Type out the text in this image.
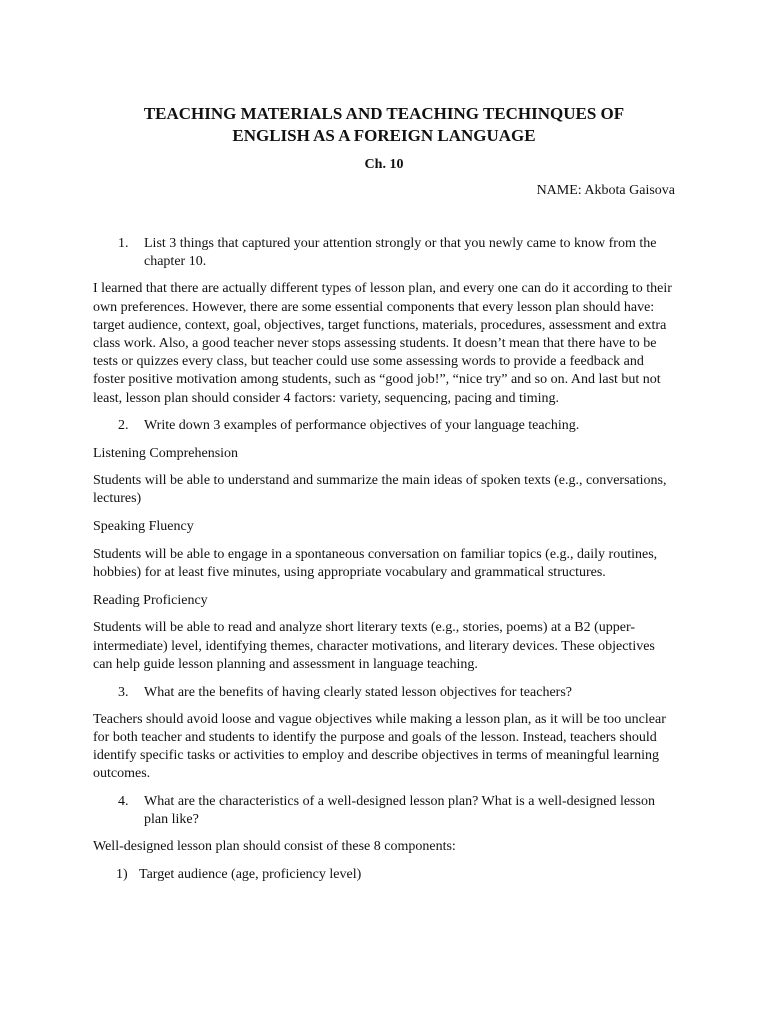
TEACHING MATERIALS AND TEACHING TECHINQUES OF
ENGLISH AS A FOREIGN LANGUAGE
Ch. 10
NAME: Akbota Gaisova
1. List 3 things that captured your attention strongly or that you newly came to know from the chapter 10.

I learned that there are actually different types of lesson plan, and every one can do it according to their own preferences. However, there are some essential components that every lesson plan should have: target audience, context, goal, objectives, target functions, materials, procedures, assessment and extra class work. Also, a good teacher never stops assessing students. It doesn’t mean that there have to be tests or quizzes every class, but teacher could use some assessing words to provide a feedback and foster positive motivation among students, such as “good job!”, “nice try” and so on. And last but not least, lesson plan should consider 4 factors: variety, sequencing, pacing and timing.

2. Write down 3 examples of performance objectives of your language teaching.

Listening Comprehension

Students will be able to understand and summarize the main ideas of spoken texts (e.g., conversations, lectures)

Speaking Fluency

Students will be able to engage in a spontaneous conversation on familiar topics (e.g., daily routines, hobbies) for at least five minutes, using appropriate vocabulary and grammatical structures.

Reading Proficiency

Students will be able to read and analyze short literary texts (e.g., stories, poems) at a B2 (upper-intermediate) level, identifying themes, character motivations, and literary devices. These objectives can help guide lesson planning and assessment in language teaching.

3. What are the benefits of having clearly stated lesson objectives for teachers?

Teachers should avoid loose and vague objectives while making a lesson plan, as it will be too unclear for both teacher and students to identify the purpose and goals of the lesson. Instead, teachers should identify specific tasks or activities to employ and describe objectives in terms of meaningful learning outcomes.

4. What are the characteristics of a well-designed lesson plan? What is a well-designed lesson plan like?

Well-designed lesson plan should consist of these 8 components:

1) Target audience (age, proficiency level)
